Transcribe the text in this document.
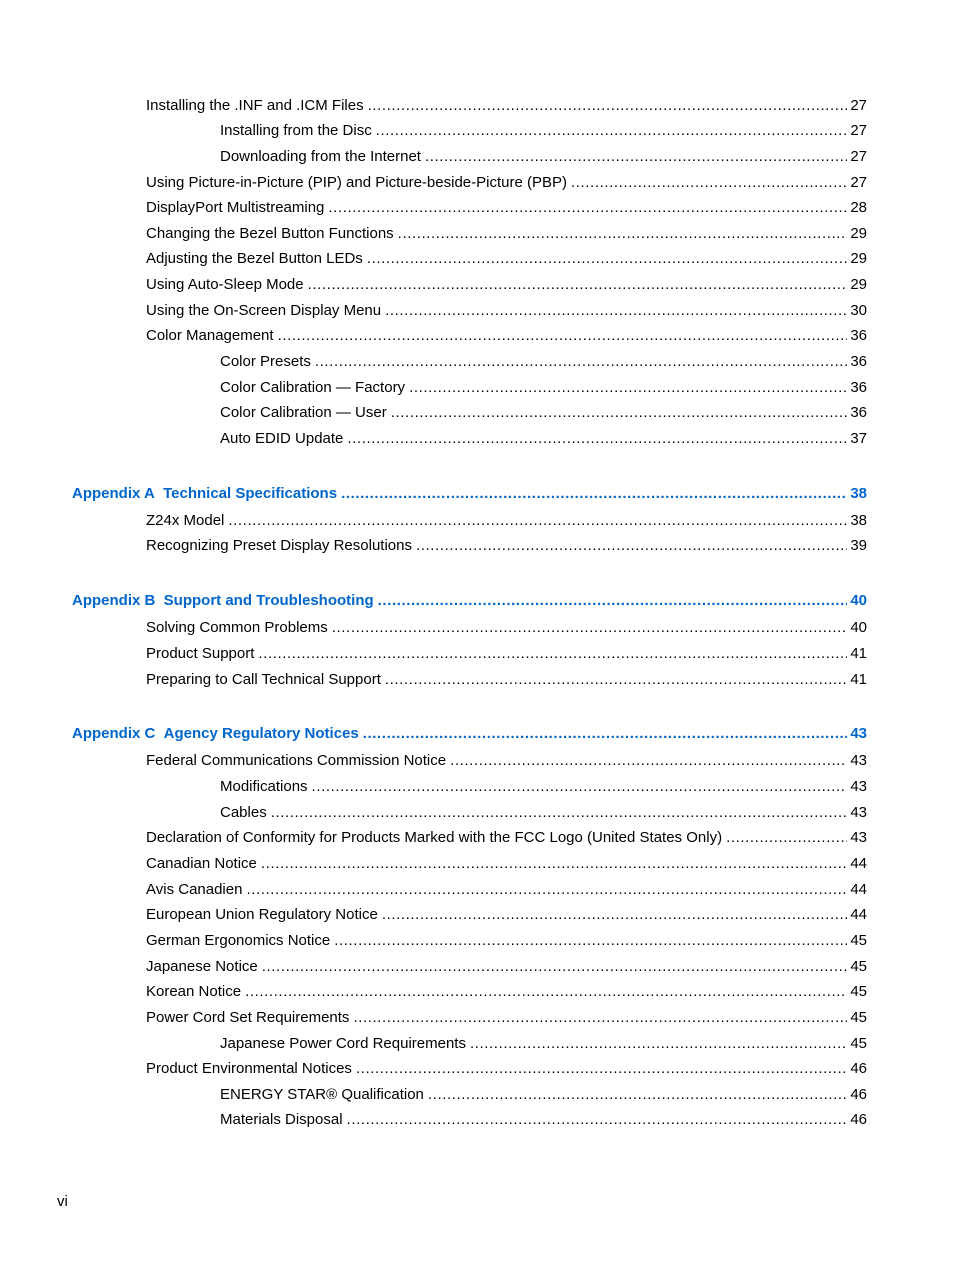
Installing the .INF and .ICM Files .....	27
Installing from the Disc .....	27
Downloading from the Internet .....	27
Using Picture-in-Picture (PIP) and Picture-beside-Picture (PBP) .....	27
DisplayPort Multistreaming .....	28
Changing the Bezel Button Functions .....	29
Adjusting the Bezel Button LEDs .....	29
Using Auto-Sleep Mode .....	29
Using the On-Screen Display Menu .....	30
Color Management .....	36
Color Presets .....	36
Color Calibration — Factory .....	36
Color Calibration — User .....	36
Auto EDID Update .....	37
Appendix A  Technical Specifications .....	38
Z24x Model .....	38
Recognizing Preset Display Resolutions .....	39
Appendix B  Support and Troubleshooting .....	40
Solving Common Problems .....	40
Product Support .....	41
Preparing to Call Technical Support .....	41
Appendix C  Agency Regulatory Notices .....	43
Federal Communications Commission Notice .....	43
Modifications .....	43
Cables .....	43
Declaration of Conformity for Products Marked with the FCC Logo (United States Only) .....	43
Canadian Notice .....	44
Avis Canadien .....	44
European Union Regulatory Notice .....	44
German Ergonomics Notice .....	45
Japanese Notice .....	45
Korean Notice .....	45
Power Cord Set Requirements .....	45
Japanese Power Cord Requirements .....	45
Product Environmental Notices .....	46
ENERGY STAR® Qualification .....	46
Materials Disposal .....	46
vi
